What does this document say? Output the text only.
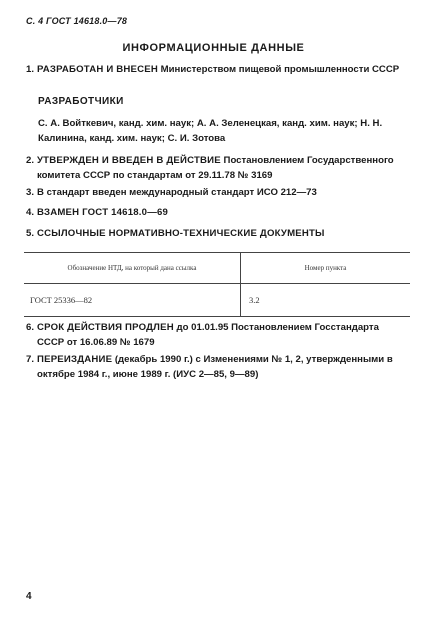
С. 4 ГОСТ 14618.0—78
ИНФОРМАЦИОННЫЕ ДАННЫЕ
1. РАЗРАБОТАН И ВНЕСЕН Министерством пищевой промышленности СССР
РАЗРАБОТЧИКИ
С. А. Войткевич, канд. хим. наук; А. А. Зеленецкая, канд. хим. наук; Н. Н. Калинина, канд. хим. наук; С. И. Зотова
2. УТВЕРЖДЕН И ВВЕДЕН В ДЕЙСТВИЕ Постановлением Государственного комитета СССР по стандартам от 29.11.78 № 3169
3. В стандарт введен международный стандарт ИСО 212—73
4. ВЗАМЕН ГОСТ 14618.0—69
5. ССЫЛОЧНЫЕ НОРМАТИВНО-ТЕХНИЧЕСКИЕ ДОКУМЕНТЫ
Обозначение НТД, на который дана ссылка	Номер пункта
ГОСТ 25336—82	3.2
6. СРОК ДЕЙСТВИЯ ПРОДЛЕН до 01.01.95 Постановлением Госстандарта СССР от 16.06.89 № 1679
7. ПЕРЕИЗДАНИЕ (декабрь 1990 г.) с Изменениями № 1, 2, утвержденными в октябре 1984 г., июне 1989 г. (ИУС 2—85, 9—89)
4
